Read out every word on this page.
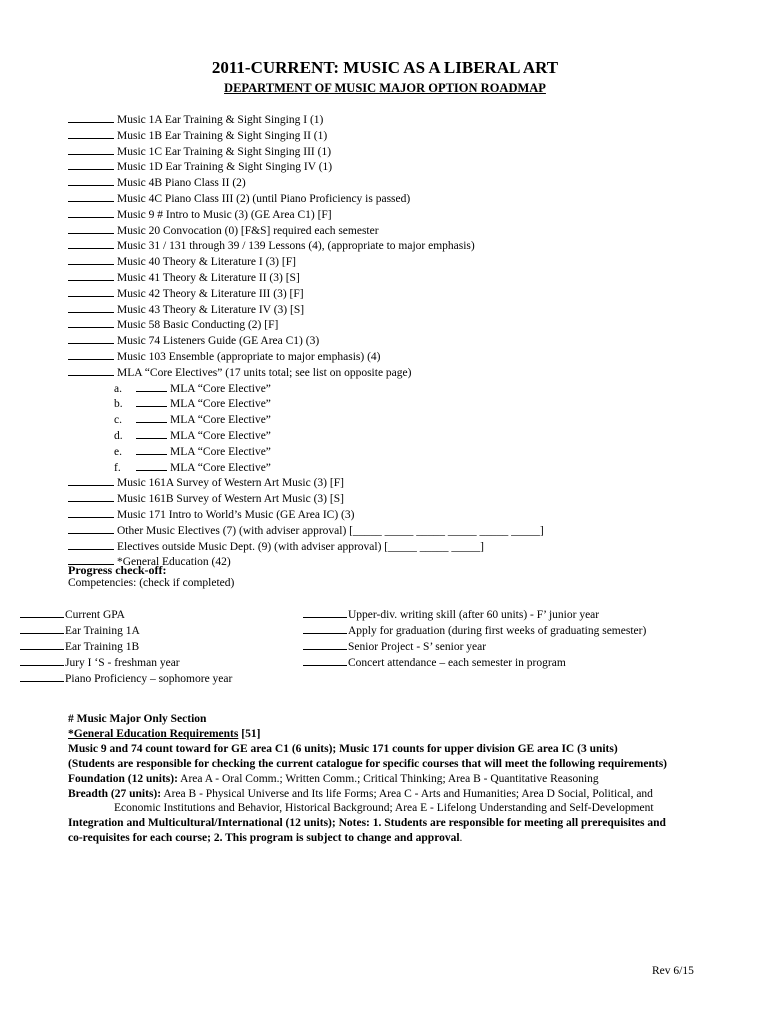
2011-CURRENT: MUSIC AS A LIBERAL ART
DEPARTMENT OF MUSIC MAJOR OPTION ROADMAP
Music 1A Ear Training & Sight Singing I (1)
Music 1B Ear Training & Sight Singing II (1)
Music 1C Ear Training & Sight Singing III (1)
Music 1D Ear Training & Sight Singing IV (1)
Music 4B Piano Class II (2)
Music 4C Piano Class III (2) (until Piano Proficiency is passed)
Music 9 # Intro to Music (3) (GE Area C1) [F]
Music 20 Convocation (0) [F&S] required each semester
Music 31 / 131 through 39 / 139 Lessons (4), (appropriate to major emphasis)
Music 40 Theory & Literature I (3) [F]
Music 41 Theory & Literature II (3) [S]
Music 42 Theory & Literature III (3) [F]
Music 43 Theory & Literature IV (3) [S]
Music 58 Basic Conducting (2) [F]
Music 74 Listeners Guide (GE Area C1) (3)
Music 103 Ensemble (appropriate to major emphasis) (4)
MLA “Core Electives” (17 units total; see list on opposite page)
a.	MLA “Core Elective”
b.	MLA “Core Elective”
c.	MLA “Core Elective”
d.	MLA “Core Elective”
e.	MLA “Core Elective”
f.	MLA “Core Elective”
Music 161A Survey of Western Art Music (3) [F]
Music 161B Survey of Western Art Music (3) [S]
Music 171 Intro to World’s Music (GE Area IC) (3)
Other Music Electives (7) (with adviser approval) [_____ _____ _____ _____ _____ _____]
Electives outside Music Dept. (9) (with adviser approval) [_____ _____ _____]
*General Education (42)
Progress check-off:
Competencies: (check if completed)
Current GPA
Ear Training 1A
Ear Training 1B
Jury I ‘S - freshman year
Piano Proficiency – sophomore year
Upper-div. writing skill (after 60 units) - F’ junior year
Apply for graduation (during first weeks of graduating semester)
Senior Project - S’ senior year
Concert attendance – each semester in program
# Music Major Only Section
*General Education Requirements [51]
Music 9 and 74 count toward for GE area C1 (6 units); Music 171 counts for upper division GE area IC (3 units)
(Students are responsible for checking the current catalogue for specific courses that will meet the following requirements)
Foundation (12 units): Area A - Oral Comm.; Written Comm.; Critical Thinking; Area B - Quantitative Reasoning
Breadth (27 units): Area B - Physical Universe and Its life Forms; Area C - Arts and Humanities; Area D Social, Political, and
Economic Institutions and Behavior, Historical Background; Area E - Lifelong Understanding and Self-Development
Integration and Multicultural/International (12 units); Notes: 1. Students are responsible for meeting all prerequisites and
co-requisites for each course; 2. This program is subject to change and approval.
Rev 6/15
